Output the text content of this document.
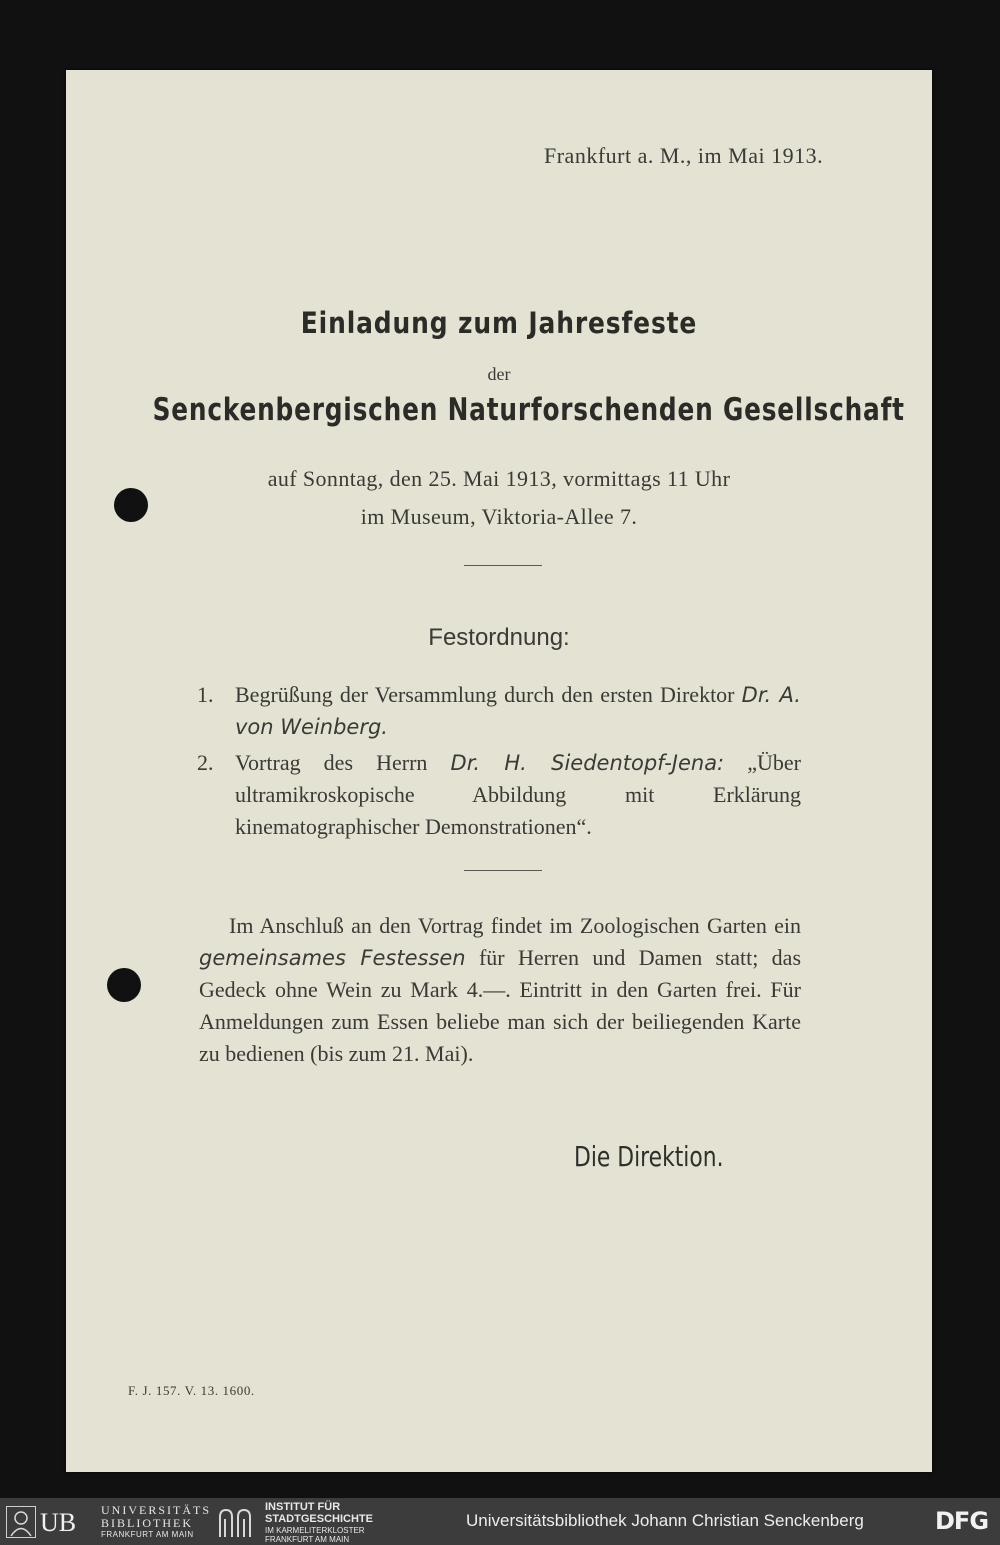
Frankfurt a. M., im Mai 1913.
Einladung zum Jahresfeste
der
Senckenbergischen Naturforschenden Gesellschaft
auf Sonntag, den 25. Mai 1913, vormittags 11 Uhr
im Museum, Viktoria-Allee 7.
Festordnung:
1. Begrüßung der Versammlung durch den ersten Direktor Dr. A. von Weinberg.
2. Vortrag des Herrn Dr. H. Siedentopf-Jena: „Über ultramikroskopische Abbildung mit Erklärung kinematographischer Demonstrationen“.
Im Anschluß an den Vortrag findet im Zoologischen Garten ein gemeinsames Festessen für Herren und Damen statt; das Gedeck ohne Wein zu Mark 4.—. Eintritt in den Garten frei. Für Anmeldungen zum Essen beliebe man sich der beiliegenden Karte zu bedienen (bis zum 21. Mai).
Die Direktion.
F. J. 157. V. 13. 1600.
UB UNIVERSITÄTS
BIBLIOTHEK
FRANKFURT AM MAIN
INSTITUT FÜR
STADTGESCHICHTE
IM KARMELITERKLOSTER
FRANKFURT AM MAIN
Universitätsbibliothek Johann Christian Senckenberg	DFG
